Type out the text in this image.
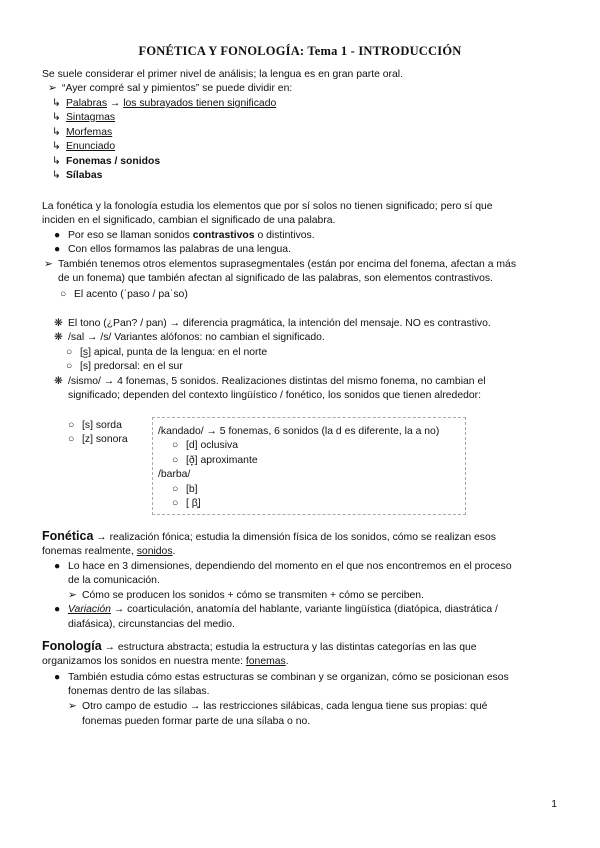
FONÉTICA Y FONOLOGÍA: Tema 1 - INTRODUCCIÓN
Se suele considerar el primer nivel de análisis; la lengua es en gran parte oral.
➢ “Ayer compré sal y pimientos” se puede dividir en:
↳ Palabras → los subrayados tienen significado
↳ Sintagmas
↳ Morfemas
↳ Enunciado
↳ Fonemas / sonidos
↳ Sílabas
La fonética y la fonología estudia los elementos que por sí solos no tienen significado; pero sí que
inciden en el significado, cambian el significado de una palabra.
● Por eso se llaman sonidos contrastivos o distintivos.
● Con ellos formamos las palabras de una lengua.
➢ También tenemos otros elementos suprasegmentales (están por encima del fonema, afectan a más
de un fonema) que también afectan al significado de las palabras, son elementos contrastivos.
○ El acento (ˈpaso / paˈso)
❋ El tono (¿Pan? / pan) → diferencia pragmática, la intención del mensaje. NO es contrastivo.
❋ /sal → /s/ Variantes alófonos: no cambian el significado.
○ [s̺] apical, punta de la lengua: en el norte
○ [s] predorsal: en el sur
❋ /sismo/ → 4 fonemas, 5 sonidos. Realizaciones distintas del mismo fonema, no cambian el
significado; dependen del contexto lingüístico / fonético, los sonidos que tienen alrededor:
○ [s] sorda
○ [z] sonora
/kandado/ → 5 fonemas, 6 sonidos (la d es diferente, la a no)
○ [d] oclusiva
○ [ð̞] aproximante
/barba/
○ [b]
○ [ β̞]
Fonética → realización fónica; estudia la dimensión física de los sonidos, cómo se realizan esos
fonemas realmente, sonidos.
● Lo hace en 3 dimensiones, dependiendo del momento en el que nos encontremos en el proceso
de la comunicación.
➢ Cómo se producen los sonidos + cómo se transmiten + cómo se perciben.
● Variación → coarticulación, anatomía del hablante, variante lingüística (diatópica, diastrática /
diafásica), circunstancias del medio.
Fonología → estructura abstracta; estudia la estructura y las distintas categorías en las que
organizamos los sonidos en nuestra mente: fonemas.
● También estudia cómo estas estructuras se combinan y se organizan, cómo se posicionan esos
fonemas dentro de las sílabas.
➢ Otro campo de estudio → las restricciones silábicas, cada lengua tiene sus propias: qué
fonemas pueden formar parte de una sílaba o no.
1
